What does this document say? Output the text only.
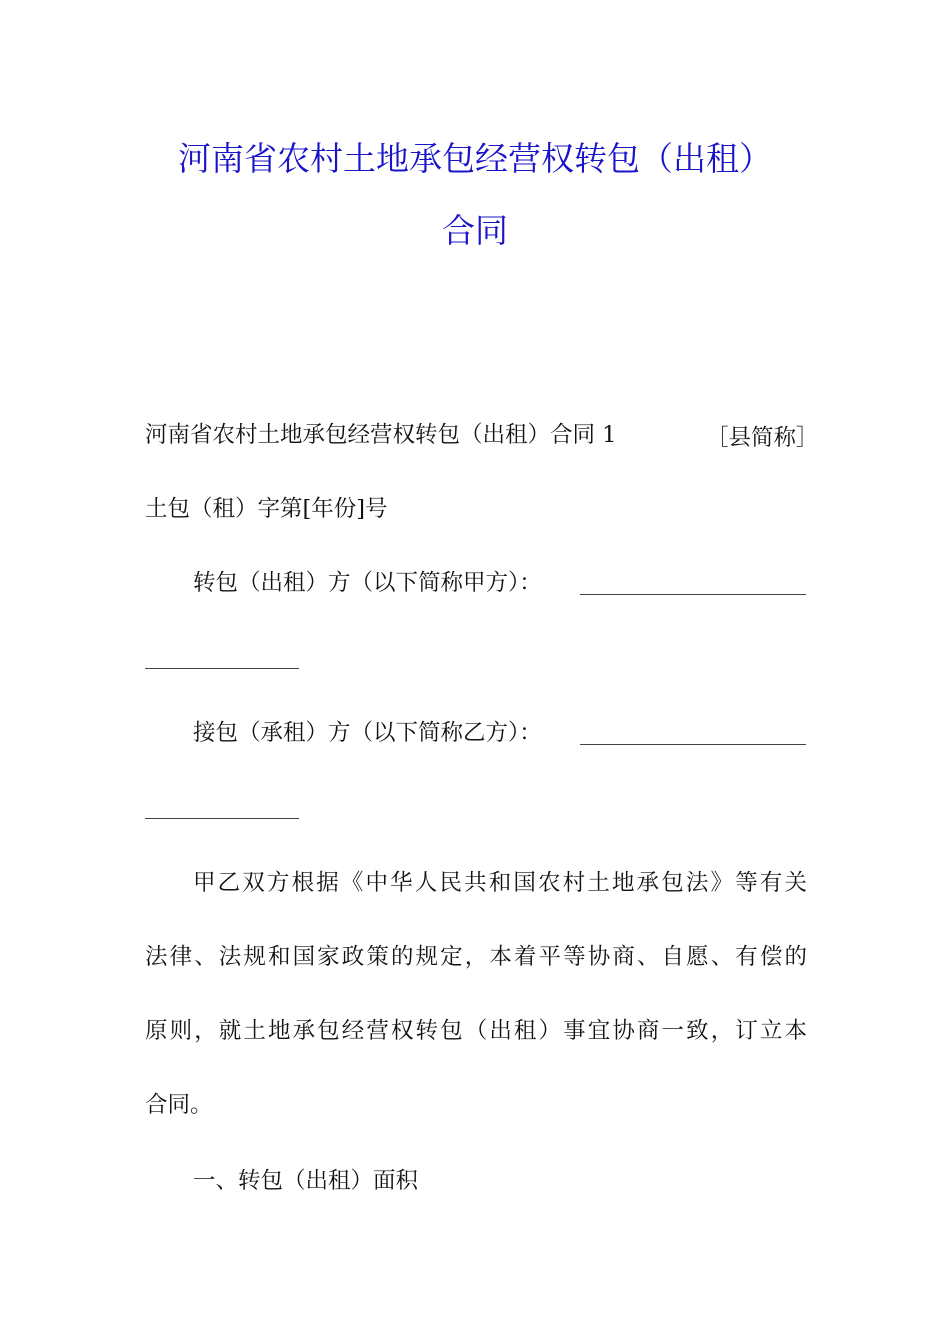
河南省农村土地承包经营权转包（出租）
合同
河南省农村土地承包经营权转包（出租）合同 1	［县简称］
土包（租）字第[年份]号
转包（出租）方（以下简称甲方）：
接包（承租）方（以下简称乙方）：
甲乙双方根据《中华人民共和国农村土地承包法》等有关
法律、法规和国家政策的规定，本着平等协商、自愿、有偿的
原则，就土地承包经营权转包（出租）事宜协商一致，订立本
合同。
一、转包（出租）面积
